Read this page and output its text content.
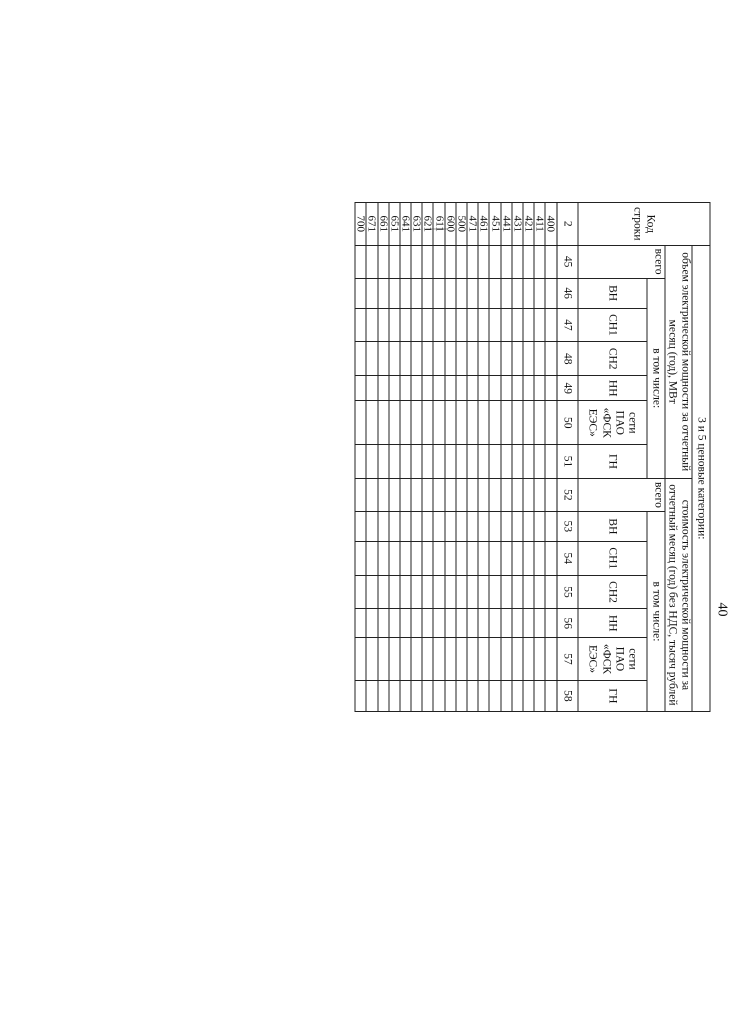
40
Код строки	3 и 5 ценовые категории:													
	объем электрической мощности за отчетный месяц (год), МВт							стоимость электрической мощности за отчетный месяц (год) без НДС, тысяч рублей						
	всего	в том числе:						всего	в том числе:					
		ВН	СН1	СН2	НН	сети ПАО «ФСК ЕЭС»	ГН		ВН	СН1	СН2	НН	сети ПАО «ФСК ЕЭС»	ГН
2	45	46	47	48	49	50	51	52	53	54	55	56	57	58
400														
411														
421														
431														
441														
451														
461														
471														
500														
600														
611														
621														
631														
641														
651														
661														
671														
700														
